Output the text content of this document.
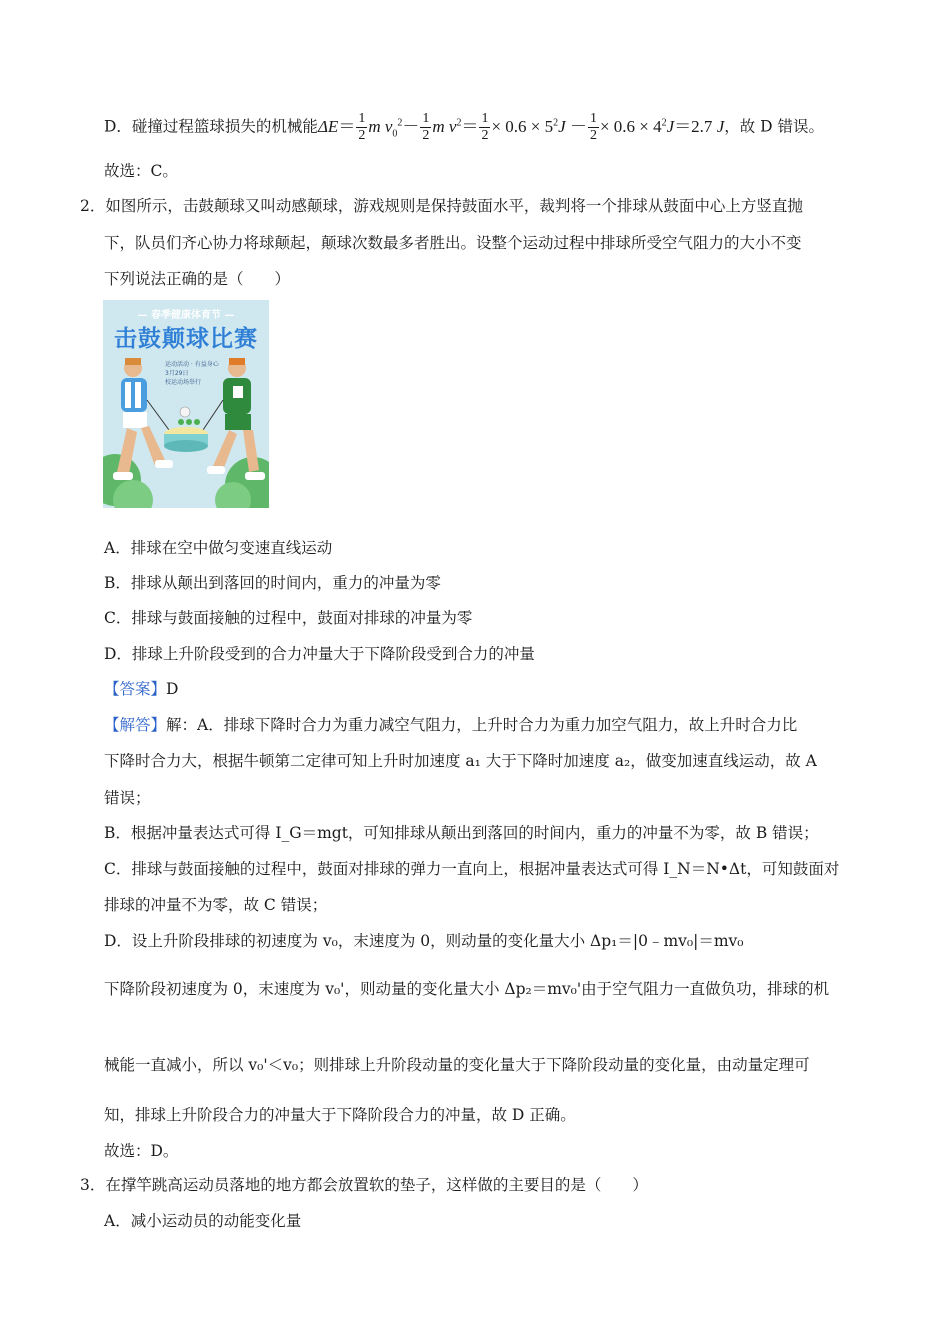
D．碰撞过程篮球损失的机械能$\Delta E= \frac{1}{2}$ m $v_0^2- \frac{1}{2}$ m $v^2= \frac{1}{2} \times 0.6 \times 5^2J - \frac{1}{2} \times 0.6 \times 4^2J=2.7$ J，故 D 错误。
故选：C。
2．如图所示，击鼓颠球又叫动感颠球，游戏规则是保持鼓面水平，裁判将一个排球从鼓面中心上方竖直抛
下，队员们齐心协力将球颠起，颠球次数最多者胜出。设整个运动过程中排球所受空气阻力的大小不变
下列说法正确的是（　　）
— 春季健康体育节 —
击鼓颠球比赛
运动活动 · 有益身心
3月29日
校运动场举行
A．排球在空中做匀变速直线运动
B．排球从颠出到落回的时间内，重力的冲量为零
C．排球与鼓面接触的过程中，鼓面对排球的冲量为零
D．排球上升阶段受到的合力冲量大于下降阶段受到合力的冲量
【答案】D
【解答】解：A．排球下降时合力为重力减空气阻力，上升时合力为重力加空气阻力，故上升时合力比
下降时合力大，根据牛顿第二定律可知上升时加速度 a₁ 大于下降时加速度 a₂，做变加速直线运动，故 A
错误；
B．根据冲量表达式可得 I_G＝mgt，可知排球从颠出到落回的时间内，重力的冲量不为零，故 B 错误；
C．排球与鼓面接触的过程中，鼓面对排球的弹力一直向上，根据冲量表达式可得 I_N＝N•Δt，可知鼓面对
排球的冲量不为零，故 C 错误；
D．设上升阶段排球的初速度为 v₀，末速度为 0，则动量的变化量大小 Δp₁＝|0﹣mv₀|＝mv₀
下降阶段初速度为 0，末速度为 v₀'，则动量的变化量大小 Δp₂＝mv₀'由于空气阻力一直做负功，排球的机
械能一直减小，所以 v₀'＜v₀；则排球上升阶段动量的变化量大于下降阶段动量的变化量，由动量定理可
知，排球上升阶段合力的冲量大于下降阶段合力的冲量，故 D 正确。
故选：D。
3．在撑竿跳高运动员落地的地方都会放置软的垫子，这样做的主要目的是（　　）
A．减小运动员的动能变化量
